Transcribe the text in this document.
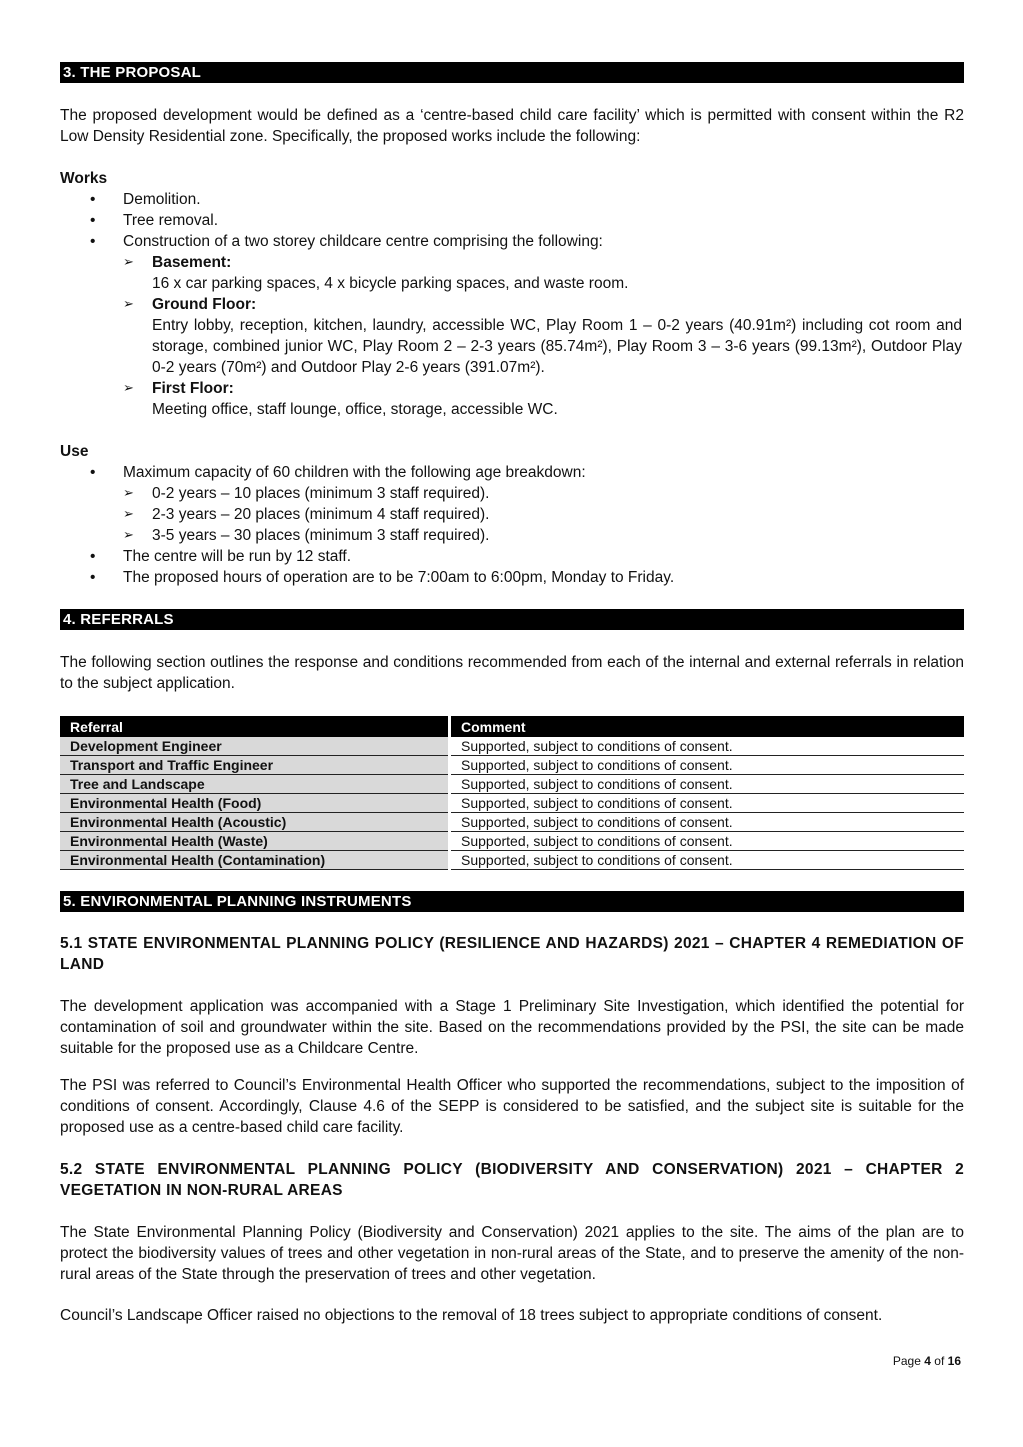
3. THE PROPOSAL

The proposed development would be defined as a ‘centre-based child care facility’ which is permitted with consent within the R2 Low Density Residential zone. Specifically, the proposed works include the following:

Works
• Demolition.
• Tree removal.
• Construction of a two storey childcare centre comprising the following:
➢ Basement:
16 x car parking spaces, 4 x bicycle parking spaces, and waste room.
➢ Ground Floor:
Entry lobby, reception, kitchen, laundry, accessible WC, Play Room 1 – 0-2 years (40.91m²) including cot room and storage, combined junior WC, Play Room 2 – 2-3 years (85.74m²), Play Room 3 – 3-6 years (99.13m²), Outdoor Play 0-2 years (70m²) and Outdoor Play 2-6 years (391.07m²).
➢ First Floor:
Meeting office, staff lounge, office, storage, accessible WC.
Use
• Maximum capacity of 60 children with the following age breakdown:
➢ 0-2 years – 10 places (minimum 3 staff required).
➢ 2-3 years – 20 places (minimum 4 staff required).
➢ 3-5 years – 30 places (minimum 3 staff required).
• The centre will be run by 12 staff.
• The proposed hours of operation are to be 7:00am to 6:00pm, Monday to Friday.
4. REFERRALS

The following section outlines the response and conditions recommended from each of the internal and external referrals in relation to the subject application.

Referral	Comment
Development Engineer	Supported, subject to conditions of consent.
Transport and Traffic Engineer	Supported, subject to conditions of consent.
Tree and Landscape	Supported, subject to conditions of consent.
Environmental Health (Food)	Supported, subject to conditions of consent.
Environmental Health (Acoustic)	Supported, subject to conditions of consent.
Environmental Health (Waste)	Supported, subject to conditions of consent.
Environmental Health (Contamination)	Supported, subject to conditions of consent.
5. ENVIRONMENTAL PLANNING INSTRUMENTS
5.1 STATE ENVIRONMENTAL PLANNING POLICY (RESILIENCE AND HAZARDS) 2021 – CHAPTER 4 REMEDIATION OF LAND

The development application was accompanied with a Stage 1 Preliminary Site Investigation, which identified the potential for contamination of soil and groundwater within the site. Based on the recommendations provided by the PSI, the site can be made suitable for the proposed use as a Childcare Centre.

The PSI was referred to Council’s Environmental Health Officer who supported the recommendations, subject to the imposition of conditions of consent. Accordingly, Clause 4.6 of the SEPP is considered to be satisfied, and the subject site is suitable for the proposed use as a centre-based child care facility.

5.2 STATE ENVIRONMENTAL PLANNING POLICY (BIODIVERSITY AND CONSERVATION) 2021 – CHAPTER 2 VEGETATION IN NON-RURAL AREAS

The State Environmental Planning Policy (Biodiversity and Conservation) 2021 applies to the site. The aims of the plan are to protect the biodiversity values of trees and other vegetation in non-rural areas of the State, and to preserve the amenity of the non-rural areas of the State through the preservation of trees and other vegetation.

Council’s Landscape Officer raised no objections to the removal of 18 trees subject to appropriate conditions of consent.

Page 4 of 16
